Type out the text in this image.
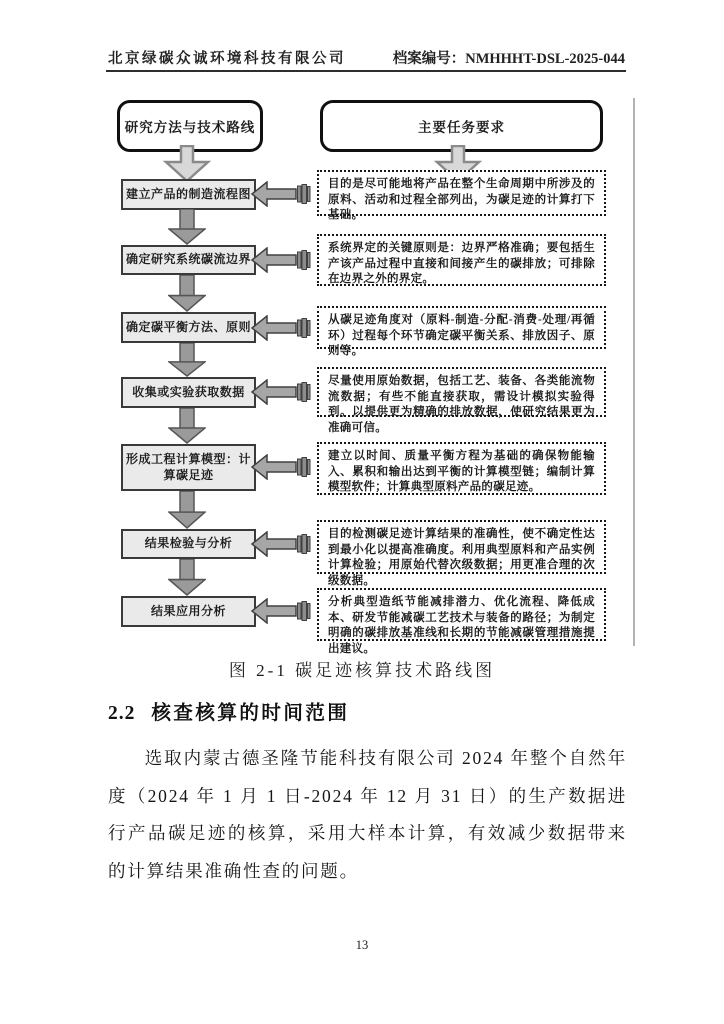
北京绿碳众诚环境科技有限公司	档案编号：NMHHHT-DSL-2025-044
研究方法与技术路线	主要任务要求
建立产品的制造流程图
确定研究系统碳流边界
确定碳平衡方法、原则
收集或实验获取数据
形成工程计算模型：计算碳足迹
结果检验与分析
结果应用分析
目的是尽可能地将产品在整个生命周期中所涉及的原料、活动和过程全部列出，为碳足迹的计算打下基础。
系统界定的关键原则是：边界严格准确；要包括生产该产品过程中直接和间接产生的碳排放；可排除在边界之外的界定。
从碳足迹角度对（原料-制造-分配-消费-处理/再循环）过程每个环节确定碳平衡关系、排放因子、原则等。
尽量使用原始数据，包括工艺、装备、各类能流物流数据；有些不能直接获取，需设计模拟实验得到。以提供更为精确的排放数据，使研究结果更为准确可信。
建立以时间、质量平衡方程为基础的确保物能输入、累积和输出达到平衡的计算模型链；编制计算模型软件；计算典型原料产品的碳足迹。
目的检测碳足迹计算结果的准确性，使不确定性达到最小化以提高准确度。利用典型原料和产品实例计算检验；用原始代替次级数据；用更准合理的次级数据。
分析典型造纸节能减排潜力、优化流程、降低成本、研发节能减碳工艺技术与装备的路径；为制定明确的碳排放基准线和长期的节能减碳管理措施提出建议。
图 2-1 碳足迹核算技术路线图
2.2 核查核算的时间范围
选取内蒙古德圣隆节能科技有限公司 2024 年整个自然年度（2024 年 1 月 1 日-2024 年 12 月 31 日）的生产数据进行产品碳足迹的核算，采用大样本计算，有效减少数据带来的计算结果准确性查的问题。
13
